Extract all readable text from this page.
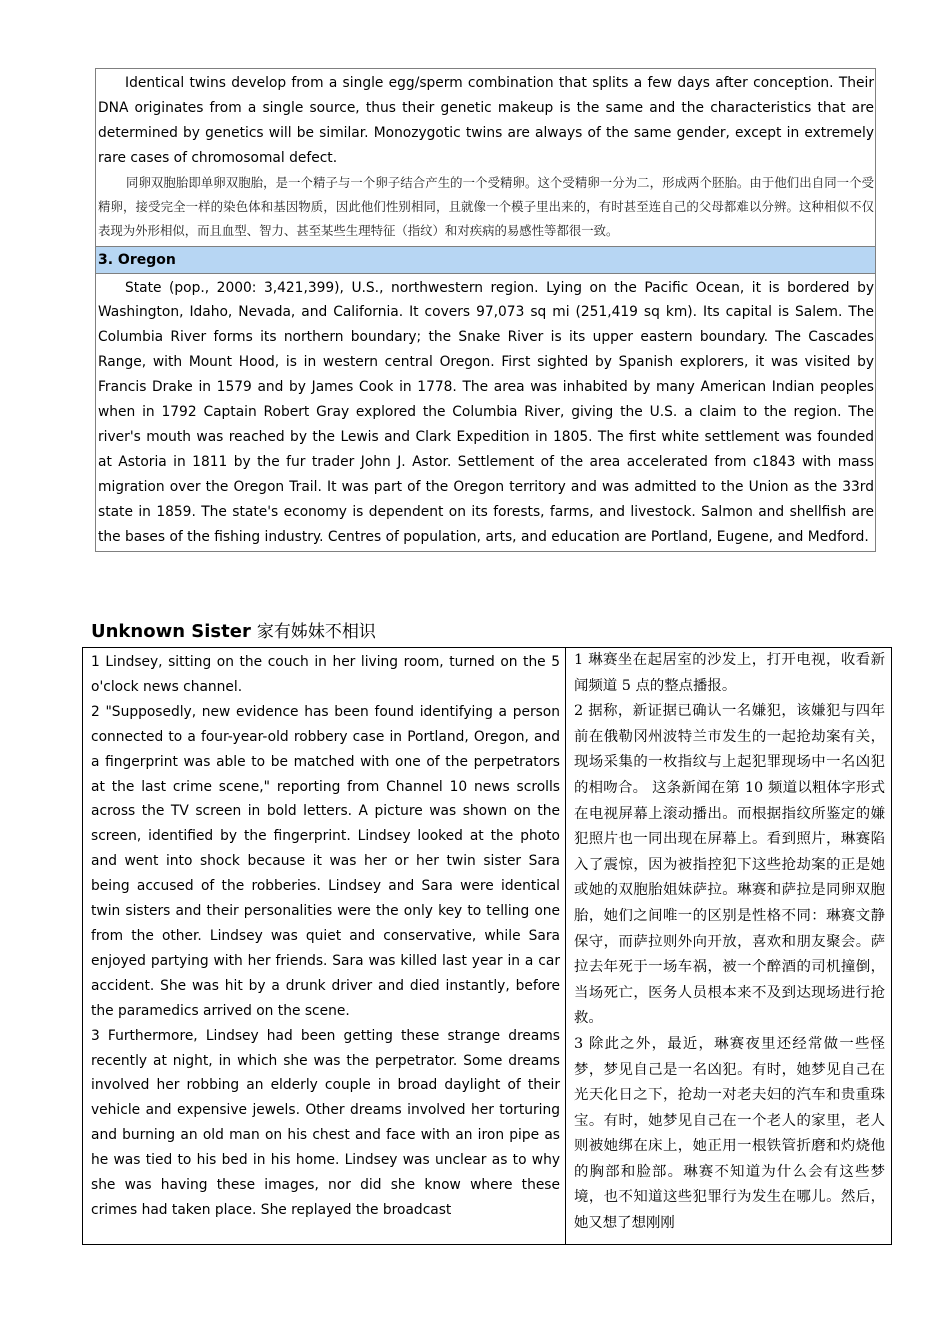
Identical twins develop from a single egg/sperm combination that splits a few days after conception. Their DNA originates from a single source, thus their genetic makeup is the same and the characteristics that are determined by genetics will be similar. Monozygotic twins are always of the same gender, except in extremely rare cases of chromosomal defect.

同卵双胞胎即单卵双胞胎，是一个精子与一个卵子结合产生的一个受精卵。这个受精卵一分为二，形成两个胚胎。由于他们出自同一个受精卵，接受完全一样的染色体和基因物质，因此他们性别相同，且就像一个模子里出来的，有时甚至连自己的父母都难以分辨。这种相似不仅表现为外形相似，而且血型、智力、甚至某些生理特征（指纹）和对疾病的易感性等都很一致。

3. Oregon

State (pop., 2000: 3,421,399), U.S., northwestern region. Lying on the Pacific Ocean, it is bordered by Washington, Idaho, Nevada, and California. It covers 97,073 sq mi (251,419 sq km). Its capital is Salem. The Columbia River forms its northern boundary; the Snake River is its upper eastern boundary. The Cascades Range, with Mount Hood, is in western central Oregon. First sighted by Spanish explorers, it was visited by Francis Drake in 1579 and by James Cook in 1778. The area was inhabited by many American Indian peoples when in 1792 Captain Robert Gray explored the Columbia River, giving the U.S. a claim to the region. The river's mouth was reached by the Lewis and Clark Expedition in 1805. The first white settlement was founded at Astoria in 1811 by the fur trader John J. Astor. Settlement of the area accelerated from c1843 with mass migration over the Oregon Trail. It was part of the Oregon territory and was admitted to the Union as the 33rd state in 1859. The state's economy is dependent on its forests, farms, and livestock. Salmon and shellfish are the bases of the fishing industry. Centres of population, arts, and education are Portland, Eugene, and Medford.

Unknown Sister 家有姊妹不相识

1 Lindsey, sitting on the couch in her living room, turned on the 5 o'clock news channel.

2 "Supposedly, new evidence has been found identifying a person connected to a four-year-old robbery case in Portland, Oregon, and a fingerprint was able to be matched with one of the perpetrators at the last crime scene," reporting from Channel 10 news scrolls across the TV screen in bold letters. A picture was shown on the screen, identified by the fingerprint. Lindsey looked at the photo and went into shock because it was her or her twin sister Sara being accused of the robberies. Lindsey and Sara were identical twin sisters and their personalities were the only key to telling one from the other. Lindsey was quiet and conservative, while Sara enjoyed partying with her friends. Sara was killed last year in a car accident. She was hit by a drunk driver and died instantly, before the paramedics arrived on the scene.

3 Furthermore, Lindsey had been getting these strange dreams recently at night, in which she was the perpetrator. Some dreams involved her robbing an elderly couple in broad daylight of their vehicle and expensive jewels. Other dreams involved her torturing and burning an old man on his chest and face with an iron pipe as he was tied to his bed in his home. Lindsey was unclear as to why she was having these images, nor did she know where these crimes had taken place. She replayed the broadcast

1 琳赛坐在起居室的沙发上，打开电视，收看新闻频道 5 点的整点播报。

2 据称，新证据已确认一名嫌犯，该嫌犯与四年前在俄勒冈州波特兰市发生的一起抢劫案有关，现场采集的一枚指纹与上起犯罪现场中一名凶犯的相吻合。 这条新闻在第 10 频道以粗体字形式在电视屏幕上滚动播出。而根据指纹所鉴定的嫌犯照片也一同出现在屏幕上。看到照片，琳赛陷入了震惊，因为被指控犯下这些抢劫案的正是她或她的双胞胎姐妹萨拉。琳赛和萨拉是同卵双胞胎，她们之间唯一的区别是性格不同：琳赛文静保守，而萨拉则外向开放，喜欢和朋友聚会。萨拉去年死于一场车祸，被一个醉酒的司机撞倒，当场死亡，医务人员根本来不及到达现场进行抢救。

3 除此之外，最近，琳赛夜里还经常做一些怪梦，梦见自己是一名凶犯。有时，她梦见自己在光天化日之下，抢劫一对老夫妇的汽车和贵重珠宝。有时，她梦见自己在一个老人的家里，老人则被她绑在床上，她正用一根铁管折磨和灼烧他的胸部和脸部。琳赛不知道为什么会有这些梦境，也不知道这些犯罪行为发生在哪儿。然后，她又想了想刚刚
